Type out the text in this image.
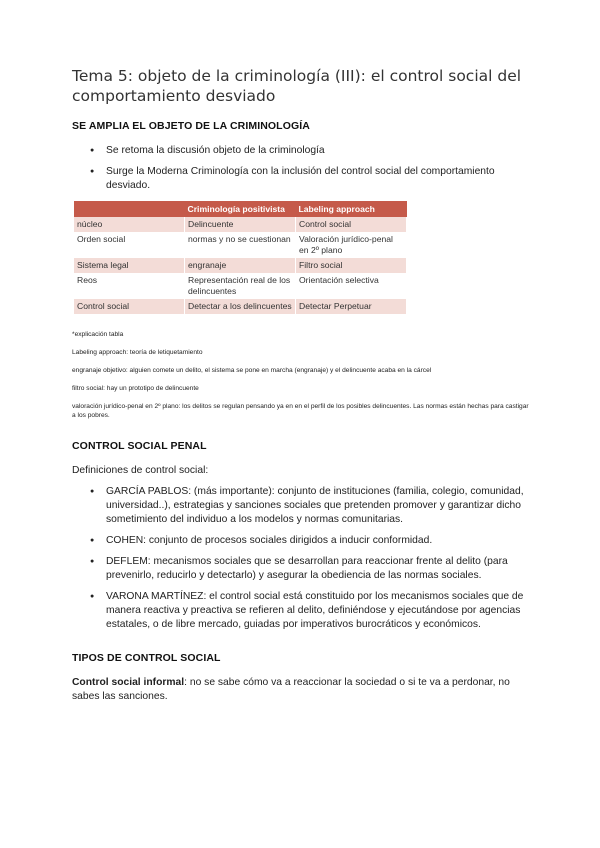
Tema 5: objeto de la criminología (III): el control social del comportamiento desviado
SE AMPLIA EL OBJETO DE LA CRIMINOLOGÍA
● Se retoma la discusión objeto de la criminología
● Surge la Moderna Criminología con la inclusión del control social del comportamiento desviado.
	Criminología positivista	Labeling approach
núcleo	Delincuente	Control social
Orden social	normas y no se cuestionan	Valoración jurídico-penal en 2º plano
Sistema legal	engranaje	Filtro social
Reos	Representación real de los delincuentes	Orientación selectiva
Control social	Detectar a los delincuentes	Detectar Perpetuar

*explicación tabla

Labeling approach: teoría de letiquetamiento

engranaje objetivo: alguien comete un delito, el sistema se pone en marcha (engranaje) y el delincuente acaba en la cárcel

filtro social: hay un prototipo de delincuente

valoración jurídico-penal en 2º plano: los delitos se regulan pensando ya en en el perfil de los posibles delincuentes. Las normas están hechas para castigar a los pobres.

CONTROL SOCIAL PENAL

Definiciones de control social:

● GARCÍA PABLOS: (más importante): conjunto de instituciones (familia, colegio, comunidad, universidad..), estrategias y sanciones sociales que pretenden promover y garantizar dicho sometimiento del individuo a los modelos y normas comunitarias.
● COHEN: conjunto de procesos sociales dirigidos a inducir conformidad.
● DEFLEM: mecanismos sociales que se desarrollan para reaccionar frente al delito (para prevenirlo, reducirlo y detectarlo) y asegurar la obediencia de las normas sociales.
● VARONA MARTÍNEZ: el control social está constituido por los mecanismos sociales que de manera reactiva y preactiva se refieren al delito, definiéndose y ejecutándose por agencias estatales, o de libre mercado, guiadas por imperativos burocráticos y económicos.
TIPOS DE CONTROL SOCIAL

Control social informal: no se sabe cómo va a reaccionar la sociedad o si te va a perdonar, no sabes las sanciones.
